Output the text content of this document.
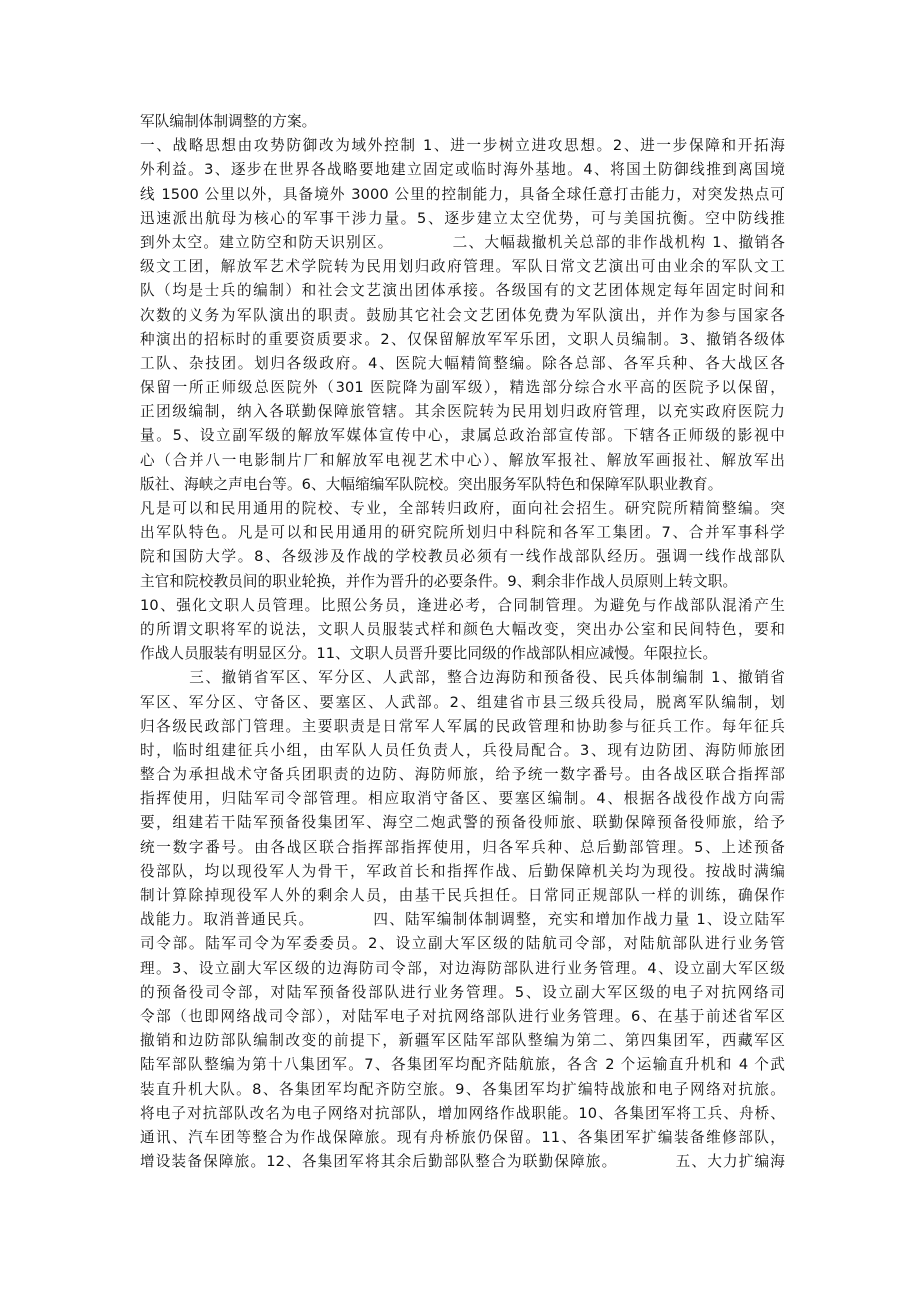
军队编制体制调整的方案。
一、战略思想由攻势防御改为域外控制 1、进一步树立进攻思想。2、进一步保障和开拓海
外利益。3、逐步在世界各战略要地建立固定或临时海外基地。4、将国土防御线推到离国境
线 1500 公里以外，具备境外 3000 公里的控制能力，具备全球任意打击能力，对突发热点可
迅速派出航母为核心的军事干涉力量。5、逐步建立太空优势，可与美国抗衡。空中防线推
到外太空。建立防空和防天识别区。          二、大幅裁撤机关总部的非作战机构 1、撤销各
级文工团，解放军艺术学院转为民用划归政府管理。军队日常文艺演出可由业余的军队文工
队（均是士兵的编制）和社会文艺演出团体承接。各级国有的文艺团体规定每年固定时间和
次数的义务为军队演出的职责。鼓励其它社会文艺团体免费为军队演出，并作为参与国家各
种演出的招标时的重要资质要求。2、仅保留解放军军乐团，文职人员编制。3、撤销各级体
工队、杂技团。划归各级政府。4、医院大幅精简整编。除各总部、各军兵种、各大战区各
保留一所正师级总医院外（301 医院降为副军级），精选部分综合水平高的医院予以保留，
正团级编制，纳入各联勤保障旅管辖。其余医院转为民用划归政府管理，以充实政府医院力
量。5、设立副军级的解放军媒体宣传中心，隶属总政治部宣传部。下辖各正师级的影视中
心（合并八一电影制片厂和解放军电视艺术中心）、解放军报社、解放军画报社、解放军出
版社、海峡之声电台等。6、大幅缩编军队院校。突出服务军队特色和保障军队职业教育。
凡是可以和民用通用的院校、专业，全部转归政府，面向社会招生。研究院所精简整编。突
出军队特色。凡是可以和民用通用的研究院所划归中科院和各军工集团。7、合并军事科学
院和国防大学。8、各级涉及作战的学校教员必须有一线作战部队经历。强调一线作战部队
主官和院校教员间的职业轮换，并作为晋升的必要条件。9、剩余非作战人员原则上转文职。
10、强化文职人员管理。比照公务员，逢进必考，合同制管理。为避免与作战部队混淆产生
的所谓文职将军的说法，文职人员服装式样和颜色大幅改变，突出办公室和民间特色，要和
作战人员服装有明显区分。11、文职人员晋升要比同级的作战部队相应减慢。年限拉长。
三、撤销省军区、军分区、人武部，整合边海防和预备役、民兵体制编制 1、撤销省
军区、军分区、守备区、要塞区、人武部。2、组建省市县三级兵役局，脱离军队编制，划
归各级民政部门管理。主要职责是日常军人军属的民政管理和协助参与征兵工作。每年征兵
时，临时组建征兵小组，由军队人员任负责人，兵役局配合。3、现有边防团、海防师旅团
整合为承担战术守备兵团职责的边防、海防师旅，给予统一数字番号。由各战区联合指挥部
指挥使用，归陆军司令部管理。相应取消守备区、要塞区编制。4、根据各战役作战方向需
要，组建若干陆军预备役集团军、海空二炮武警的预备役师旅、联勤保障预备役师旅，给予
统一数字番号。由各战区联合指挥部指挥使用，归各军兵种、总后勤部管理。5、上述预备
役部队，均以现役军人为骨干，军政首长和指挥作战、后勤保障机关均为现役。按战时满编
制计算除掉现役军人外的剩余人员，由基干民兵担任。日常同正规部队一样的训练，确保作
战能力。取消普通民兵。          四、陆军编制体制调整，充实和增加作战力量 1、设立陆军
司令部。陆军司令为军委委员。2、设立副大军区级的陆航司令部，对陆航部队进行业务管
理。3、设立副大军区级的边海防司令部，对边海防部队进行业务管理。4、设立副大军区级
的预备役司令部，对陆军预备役部队进行业务管理。5、设立副大军区级的电子对抗网络司
令部（也即网络战司令部），对陆军电子对抗网络部队进行业务管理。6、在基于前述省军区
撤销和边防部队编制改变的前提下，新疆军区陆军部队整编为第二、第四集团军，西藏军区
陆军部队整编为第十八集团军。7、各集团军均配齐陆航旅，各含 2 个运输直升机和 4 个武
装直升机大队。8、各集团军均配齐防空旅。9、各集团军均扩编特战旅和电子网络对抗旅。
将电子对抗部队改名为电子网络对抗部队，增加网络作战职能。10、各集团军将工兵、舟桥、
通讯、汽车团等整合为作战保障旅。现有舟桥旅仍保留。11、各集团军扩编装备维修部队，
增设装备保障旅。12、各集团军将其余后勤部队整合为联勤保障旅。          五、大力扩编海
